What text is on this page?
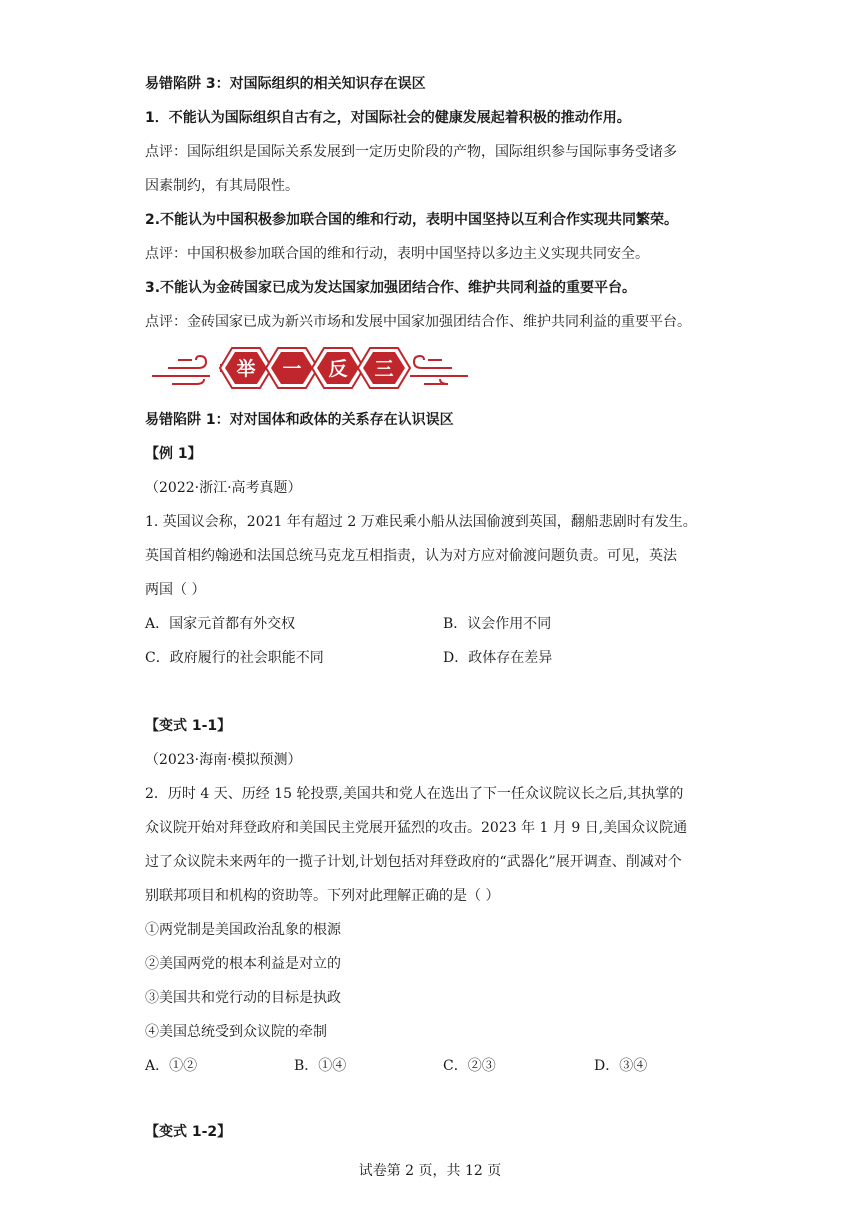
易错陷阱 3：对国际组织的相关知识存在误区
1．不能认为国际组织自古有之，对国际社会的健康发展起着积极的推动作用。
点评：国际组织是国际关系发展到一定历史阶段的产物，国际组织参与国际事务受诸多
因素制约，有其局限性。
2.不能认为中国积极参加联合国的维和行动，表明中国坚持以互利合作实现共同繁荣。
点评：中国积极参加联合国的维和行动，表明中国坚持以多边主义实现共同安全。
3.不能认为金砖国家已成为发达国家加强团结合作、维护共同利益的重要平台。
点评：金砖国家已成为新兴市场和发展中国家加强团结合作、维护共同利益的重要平台。
举 一 反 三
易错陷阱 1：对对国体和政体的关系存在认识误区
【例 1】
（2022·浙江·高考真题）
1. 英国议会称，2021 年有超过 2 万难民乘小船从法国偷渡到英国，翻船悲剧时有发生。
英国首相约翰逊和法国总统马克龙互相指责，认为对方应对偷渡问题负责。可见，英法
两国（ ）
A．国家元首都有外交权	B．议会作用不同
C．政府履行的社会职能不同	D．政体存在差异
【变式 1-1】
（2023·海南·模拟预测）
2．历时 4 天、历经 15 轮投票,美国共和党人在选出了下一任众议院议长之后,其执掌的
众议院开始对拜登政府和美国民主党展开猛烈的攻击。2023 年 1 月 9 日,美国众议院通
过了众议院未来两年的一揽子计划,计划包括对拜登政府的“武器化”展开调查、削减对个
别联邦项目和机构的资助等。下列对此理解正确的是（ ）
①两党制是美国政治乱象的根源
②美国两党的根本利益是对立的
③美国共和党行动的目标是执政
④美国总统受到众议院的牵制
A．①②	B．①④	C．②③	D．③④
【变式 1-2】
试卷第 2 页，共 12 页
